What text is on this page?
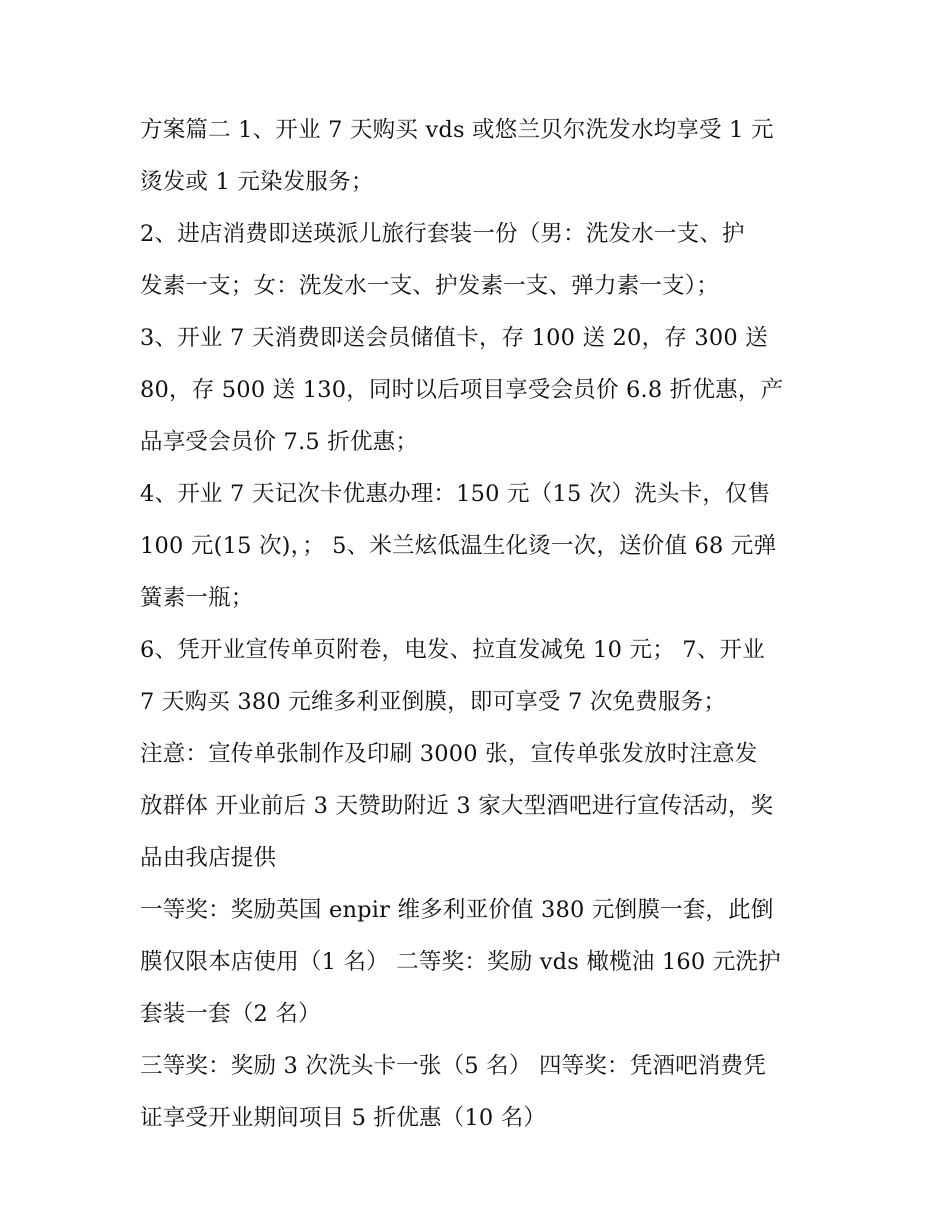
方案篇二 1、开业 7 天购买 vds 或悠兰贝尔洗发水均享受 1 元
烫发或 1 元染发服务；
2、进店消费即送瑛派儿旅行套装一份（男：洗发水一支、护
发素一支；女：洗发水一支、护发素一支、弹力素一支）；
3、开业 7 天消费即送会员储值卡，存 100 送 20，存 300 送
80，存 500 送 130，同时以后项目享受会员价 6.8 折优惠，产
品享受会员价 7.5 折优惠；
4、开业 7 天记次卡优惠办理：150 元（15 次）洗头卡，仅售
100 元(15 次)，； 5、米兰炫低温生化烫一次，送价值 68 元弹
簧素一瓶；
6、凭开业宣传单页附卷，电发、拉直发减免 10 元； 7、开业
7 天购买 380 元维多利亚倒膜，即可享受 7 次免费服务；
注意：宣传单张制作及印刷 3000 张，宣传单张发放时注意发
放群体 开业前后 3 天赞助附近 3 家大型酒吧进行宣传活动，奖
品由我店提供
一等奖：奖励英国 enpir 维多利亚价值 380 元倒膜一套，此倒
膜仅限本店使用（1 名） 二等奖：奖励 vds 橄榄油 160 元洗护
套装一套（2 名）
三等奖：奖励 3 次洗头卡一张（5 名） 四等奖：凭酒吧消费凭
证享受开业期间项目 5 折优惠（10 名）
